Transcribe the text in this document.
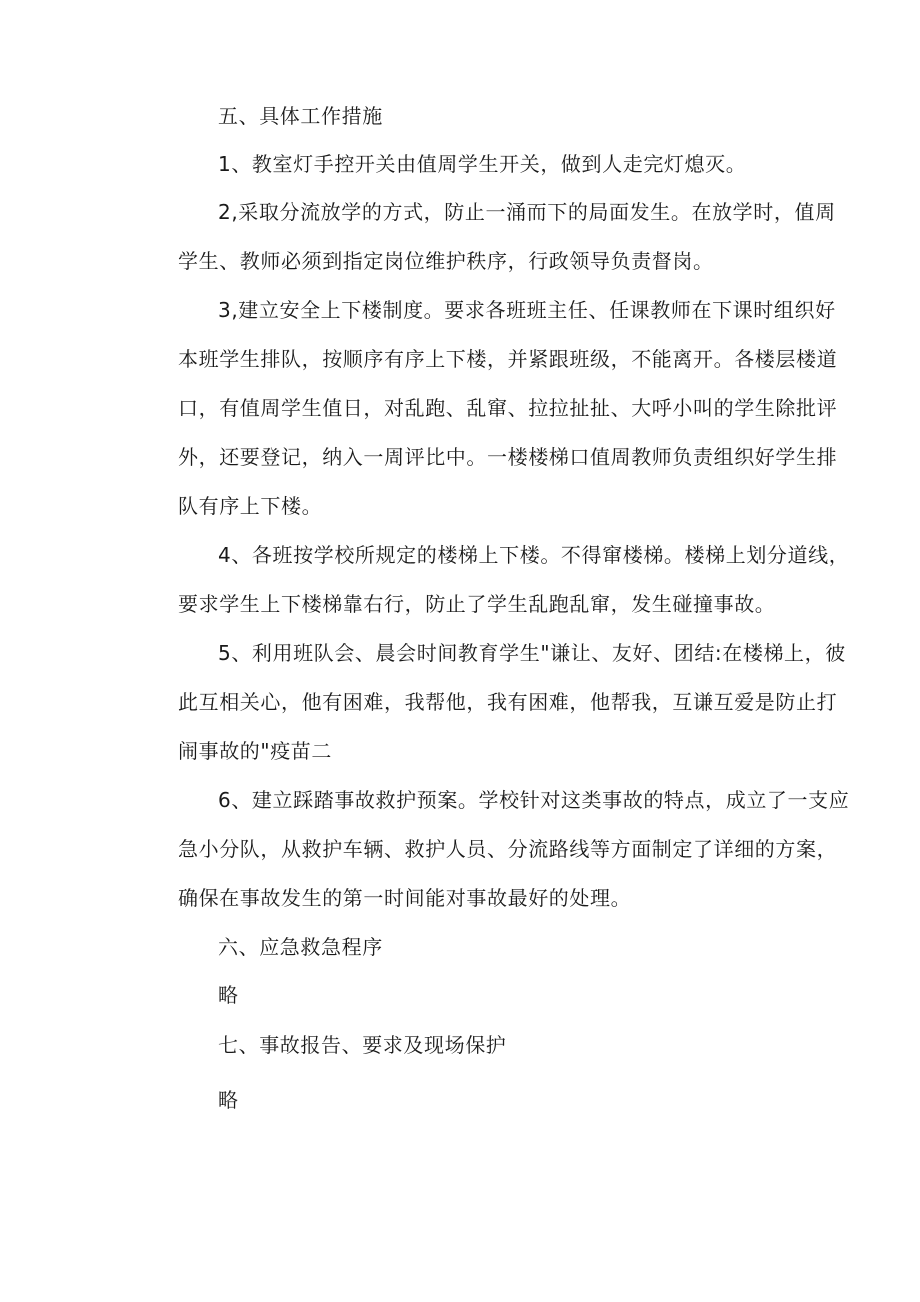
五、具体工作措施
1、教室灯手控开关由值周学生开关，做到人走完灯熄灭。
2,采取分流放学的方式，防止一涌而下的局面发生。在放学时，值周
学生、教师必须到指定岗位维护秩序，行政领导负责督岗。
3,建立安全上下楼制度。要求各班班主任、任课教师在下课时组织好
本班学生排队，按顺序有序上下楼，并紧跟班级，不能离开。各楼层楼道
口，有值周学生值日，对乱跑、乱窜、拉拉扯扯、大呼小叫的学生除批评
外，还要登记，纳入一周评比中。一楼楼梯口值周教师负责组织好学生排
队有序上下楼。
4、各班按学校所规定的楼梯上下楼。不得窜楼梯。楼梯上划分道线，
要求学生上下楼梯靠右行，防止了学生乱跑乱窜，发生碰撞事故。
5、利用班队会、晨会时间教育学生"谦让、友好、团结:在楼梯上，彼
此互相关心，他有困难，我帮他，我有困难，他帮我，互谦互爱是防止打
闹事故的"疫苗二
6、建立踩踏事故救护预案。学校针对这类事故的特点，成立了一支应
急小分队，从救护车辆、救护人员、分流路线等方面制定了详细的方案，
确保在事故发生的第一时间能对事故最好的处理。
六、应急救急程序
略
七、事故报告、要求及现场保护
略
